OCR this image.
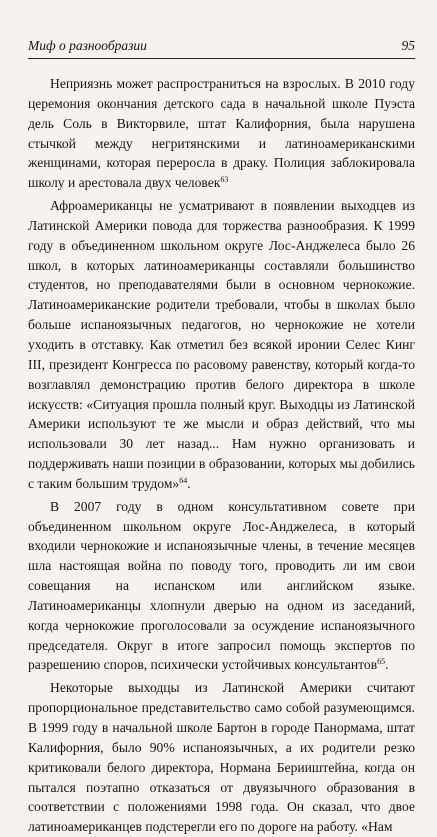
Миф о разнообразии	95

Неприязнь может распространиться на взрослых. В 2010 году церемония окончания детского сада в начальной школе Пуэста дель Соль в Викторвиле, штат Калифорния, была нарушена стычкой между негритянскими и латиноамериканскими женщинами, которая переросла в драку. Полиция заблокировала школу и арестовала двух человек$^{63}$

Афроамериканцы не усматривают в появлении выходцев из Латинской Америки повода для торжества разнообразия. К 1999 году в объединенном школьном округе Лос-Анджелеса было 26 школ, в которых латиноамериканцы составляли большинство студентов, но преподавателями были в основном чернокожие. Латиноамериканские родители требовали, чтобы в школах было больше испаноязычных педагогов, но чернокожие не хотели уходить в отставку. Как отметил без всякой иронии Селес Кинг III, президент Конгресса по расовому равенству, который когда-то возглавлял демонстрацию против белого директора в школе искусств: «Ситуация прошла полный круг. Выходцы из Латинской Америки используют те же мысли и образ действий, что мы использовали 30 лет назад... Нам нужно организовать и поддерживать наши позиции в образовании, которых мы добились с таким большим трудом»$^{64}$.

В 2007 году в одном консультативном совете при объединенном школьном округе Лос-Анджелеса, в который входили чернокожие и испаноязычные члены, в течение месяцев шла настоящая война по поводу того, проводить ли им свои совещания на испанском или английском языке. Латиноамериканцы хлопнули дверью на одном из заседаний, когда чернокожие проголосовали за осуждение испаноязычного председателя. Округ в итоге запросил помощь экспертов по разрешению споров, психически устойчивых консультантов$^{65}$.

Некоторые выходцы из Латинской Америки считают пропорциональное представительство само собой разумеющимся. В 1999 году в начальной школе Бартон в городе Панормама, штат Калифорния, было 90% испаноязычных, а их родители резко критиковали белого директора, Нормана Берииштейна, когда он пытался поэтапно отказаться от двуязычного образования в соответствии с положениями 1998 года. Он сказал, что двое латиноамериканцев подстерегли его по дороге на работу. «Нам
